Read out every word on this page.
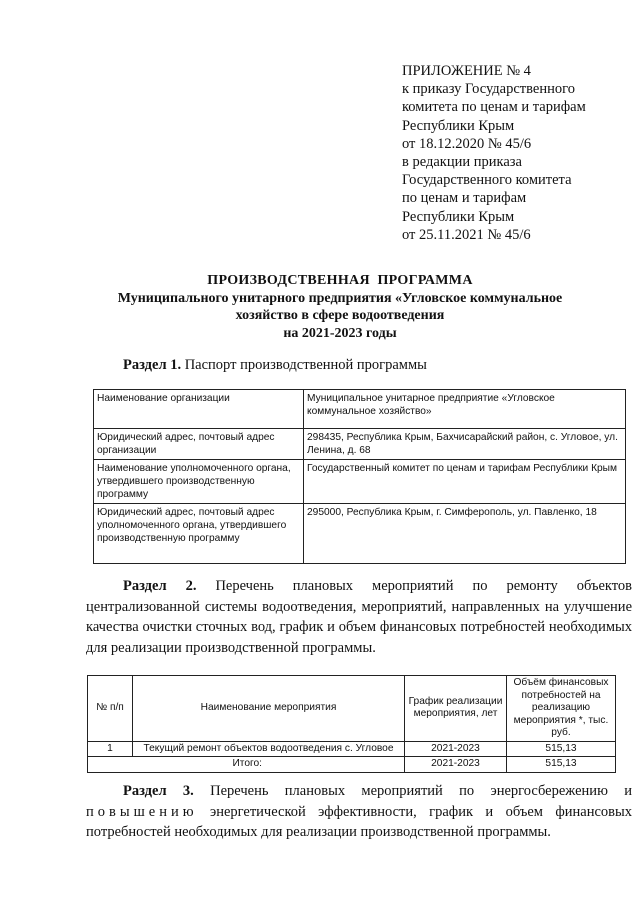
ПРИЛОЖЕНИЕ № 4
к приказу Государственного
комитета по ценам и тарифам
Республики Крым
от 18.12.2020 № 45/6
в редакции приказа
Государственного комитета
по ценам и тарифам
Республики Крым
от 25.11.2021 № 45/6
ПРОИЗВОДСТВЕННАЯ  ПРОГРАММА
Муниципального унитарного предприятия «Угловское коммунальное
хозяйство в сфере водоотведения
на 2021-2023 годы
Раздел 1. Паспорт производственной программы
Наименование организации	Муниципальное унитарное предприятие «Угловское коммунальное хозяйство»
Юридический адрес, почтовый адрес организации	298435, Республика Крым, Бахчисарайский район, с. Угловое, ул. Ленина, д. 68
Наименование уполномоченного органа, утвердившего производственную программу	Государственный комитет по ценам и тарифам Республики Крым
Юридический адрес, почтовый адрес уполномоченного органа, утвердившего производственную программу	295000, Республика Крым, г. Симферополь, ул. Павленко, 18
Раздел 2. Перечень плановых мероприятий по ремонту объектов централизованной системы водоотведения, мероприятий, направленных на улучшение качества очистки сточных вод, график и объем финансовых потребностей необходимых для реализации производственной программы.
№ п/п	Наименование мероприятия	График реализации мероприятия, лет	Объём финансовых потребностей на реализацию мероприятия *, тыс. руб.
1	Текущий ремонт объектов водоотведения с. Угловое	2021-2023	515,13
Итого:		2021-2023	515,13
Раздел 3. Перечень плановых мероприятий по энергосбережению и
повышению энергетической эффективности, график и объем финансовых потребностей необходимых для реализации производственной программы.
